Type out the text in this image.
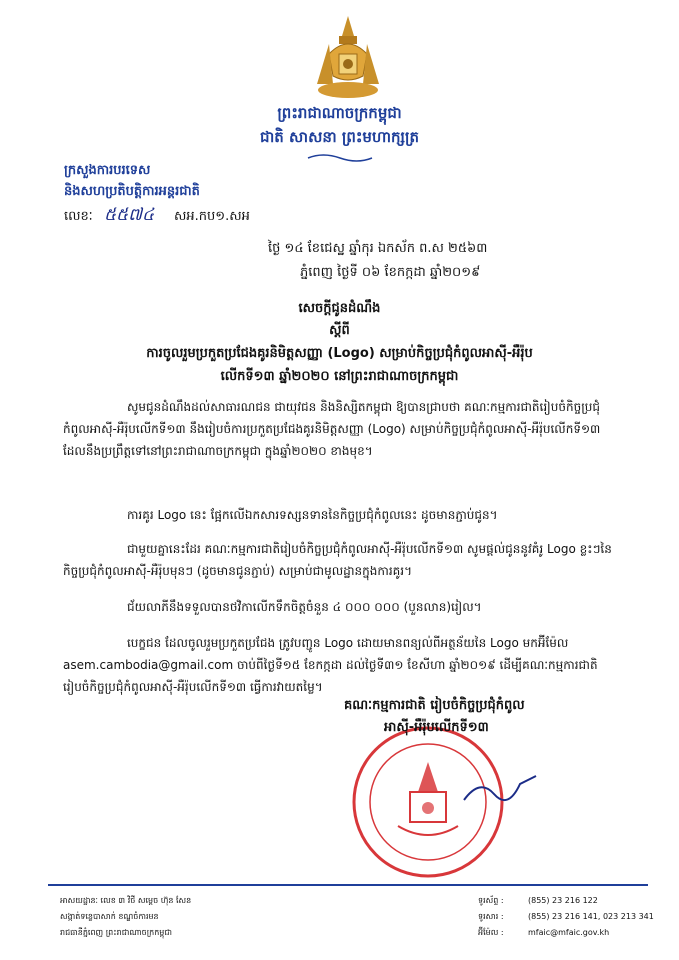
ព្រះរាជាណាចក្រកម្ពុជា
ជាតិ សាសនា ព្រះមហាក្សត្រ
ក្រសួងការបរទេស
និងសហប្រតិបត្តិការអន្តរជាតិ
លេខៈ ៥៥៧៤ សអ.កប១.សអ
ថ្ងៃ ១៤ ខែជេស្ឋ ឆ្នាំកុរ ឯកស័ក ព.ស ២៥៦៣
ភ្នំពេញ ថ្ងៃទី ០៦ ខែកក្កដា ឆ្នាំ២០១៩
សេចក្តីជូនដំណឹង
ស្តីពី
ការចូលរួមប្រកួតប្រជែងគូរនិមិត្តសញ្ញា (Logo) សម្រាប់កិច្ចប្រជុំកំពូលអាស៊ី-អឺរ៉ុប
លើកទី១៣ ឆ្នាំ២០២០ នៅព្រះរាជាណាចក្រកម្ពុជា
សូមជូនដំណឹងដល់សាធារណជន ជាយុវជន និងនិស្សិតកម្ពុជា ឱ្យបានជ្រាបថា គណៈកម្មការជាតិរៀបចំកិច្ចប្រជុំកំពូលអាស៊ី-អឺរ៉ុបលើកទី១៣ នឹងរៀបចំការប្រកួតប្រជែងគូរនិមិត្តសញ្ញា (Logo) សម្រាប់កិច្ចប្រជុំកំពូលអាស៊ី-អឺរ៉ុបលើកទី១៣ ដែលនឹងប្រព្រឹត្តទៅនៅព្រះរាជាណាចក្រកម្ពុជា ក្នុងឆ្នាំ២០២០ ខាងមុខ។
ការគូរ Logo នេះ ផ្អែកលើឯកសារទស្សនទាននៃកិច្ចប្រជុំកំពូលនេះ ដូចមានភ្ជាប់ជូន។
ជាមួយគ្នានេះដែរ គណៈកម្មការជាតិរៀបចំកិច្ចប្រជុំកំពូលអាស៊ី-អឺរ៉ុបលើកទី១៣ សូមផ្តល់ជូននូវគំរូ Logo ខ្លះៗនៃកិច្ចប្រជុំកំពូលអាស៊ី-អឺរ៉ុបមុនៗ (ដូចមានជូនភ្ជាប់) សម្រាប់ជាមូលដ្ឋានក្នុងការគូរ។
ជ័យលាភីនឹងទទួលបានថវិកាលើកទឹកចិត្តចំនួន ៤ ០០០ ០០០ (បួនលាន)រៀល។
បេក្ខជន ដែលចូលរួមប្រកួតប្រជែង ត្រូវបញ្ជូន Logo ដោយមានពន្យល់ពីអត្ថន័យនៃ Logo មកអ៊ីម៉ែល asem.cambodia@gmail.com ចាប់ពីថ្ងៃទី១៥ ខែកក្កដា ដល់ថ្ងៃទី៣១ ខែសីហា ឆ្នាំ២០១៩ ដើម្បីគណៈកម្មការជាតិរៀបចំកិច្ចប្រជុំកំពូលអាស៊ី-អឺរ៉ុបលើកទី១៣ ធ្វើការវាយតម្លៃ។
គណៈកម្មការជាតិ រៀបចំកិច្ចប្រជុំកំពូល
អាស៊ី-អឺរ៉ុបលើកទី១៣
អាសយដ្ឋានៈ លេខ ៣ វិថី សម្តេច ហ៊ុន សែន
សង្កាត់ទន្លេបាសាក់ ខណ្ឌចំការមន
រាជធានីភ្នំពេញ ព្រះរាជាណាចក្រកម្ពុជា
ទូរស័ព្ទ :	(855) 23 216 122
ទូរសារ :	(855) 23 216 141, 023 213 341
អ៊ីម៉ែល :	mfaic@mfaic.gov.kh
